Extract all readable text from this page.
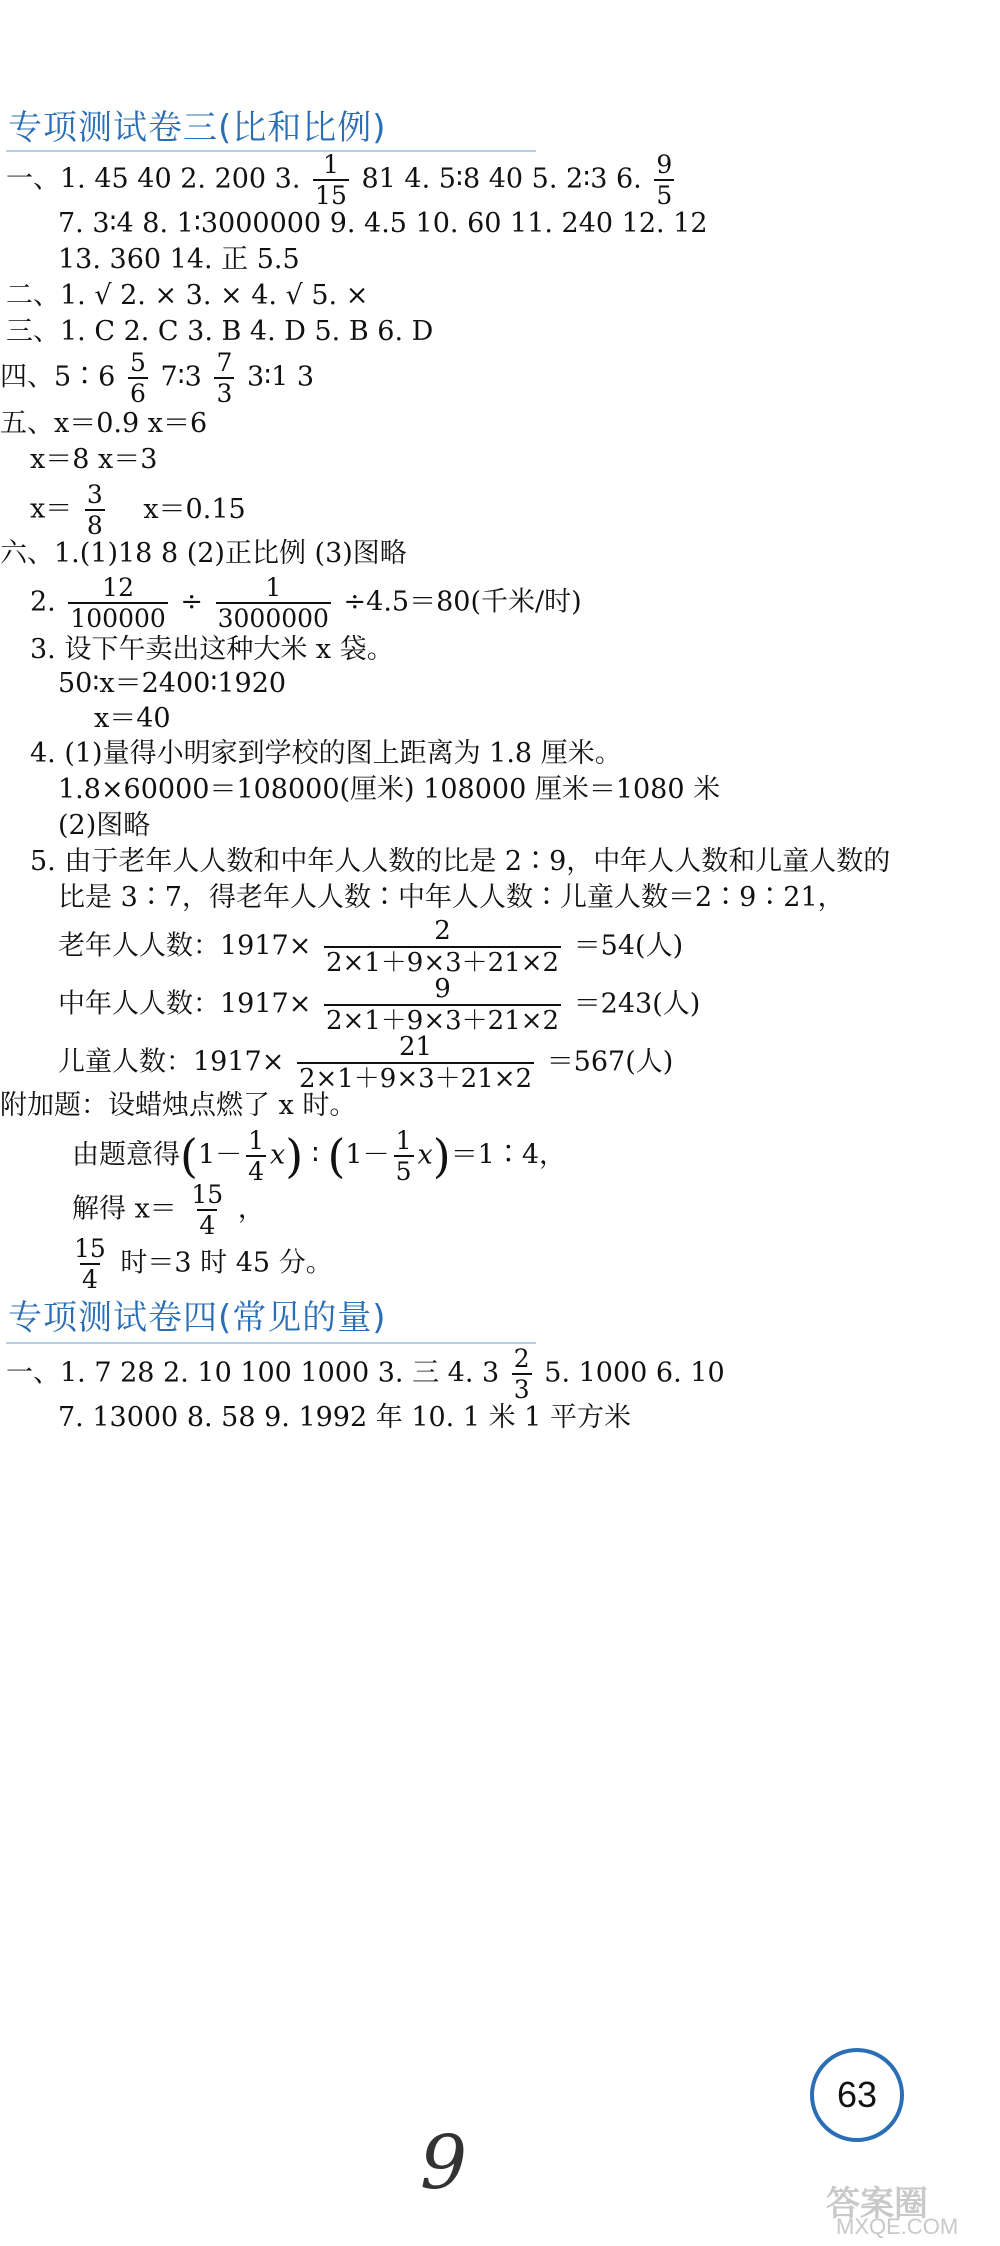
专项测试卷三(比和比例)
一、1. 45 40 2. 200 3. $\frac{1}{15} 81$ 4. 5∶8 40 5. 2∶3 6. $\frac{9}{5}$
7. 3∶4 8. 1∶3000000 9. 4.5 10. 60 11. 240 12. 12
13. 360 14. 正 5.5
二、1. √ 2. × 3. × 4. √ 5. ×
三、1. C 2. C 3. B 4. D 5. B 6. D
四、5∶6 $\frac{5}{6}$ 7∶3 $\frac{7}{3}$ 3∶1 3
五、x＝0.9 x＝6
x＝8 x＝3
$x= \frac{3}{8} x=0.15$
六、1.(1)18 8 (2)正比例 (3)图略
2. $\frac{12}{100000} \div \frac{1}{3000000} \div 4.5=80$(千米/时)
3. 设下午卖出这种大米 x 袋。
50∶x＝2400∶1920
x＝40
4. (1)量得小明家到学校的图上距离为 1.8 厘米。
1.8×60000＝108000(厘米) 108000 厘米＝1080 米
(2)图略
5. 由于老年人人数和中年人人数的比是 2∶9，中年人人数和儿童人数的
比是 3∶7，得老年人人数∶中年人人数∶儿童人数＝2∶9∶21，
老年人人数：$1917\times \frac{2}{2\times 1+9\times 3+21\times 2} =54$(人)
中年人人数：$1917\times \frac{9}{2\times 1+9\times 3+21\times 2} =243$(人)
儿童人数：$1917\times \frac{21}{2\times 1+9\times 3+21\times 2} =567$(人)
附加题：设蜡烛点燃了 x 时。
由题意得$(1- \frac{1}{4} x)$ ∶ ($1- \frac{1}{5}$ x)＝1∶4，
解得 $x= \frac{15}{4}$ ，
$\frac{15}{4}$ 时＝3 时 45 分。
专项测试卷四(常见的量)
一、1. 7 28 2. 10 100 1000 3. 三 4. $3 \frac{2}{3} 5$. 1000 6. 10
7. 13000 8. 58 9. 1992 年 10. 1 米 1 平方米
63
9	答案圈
MXQE.COM
